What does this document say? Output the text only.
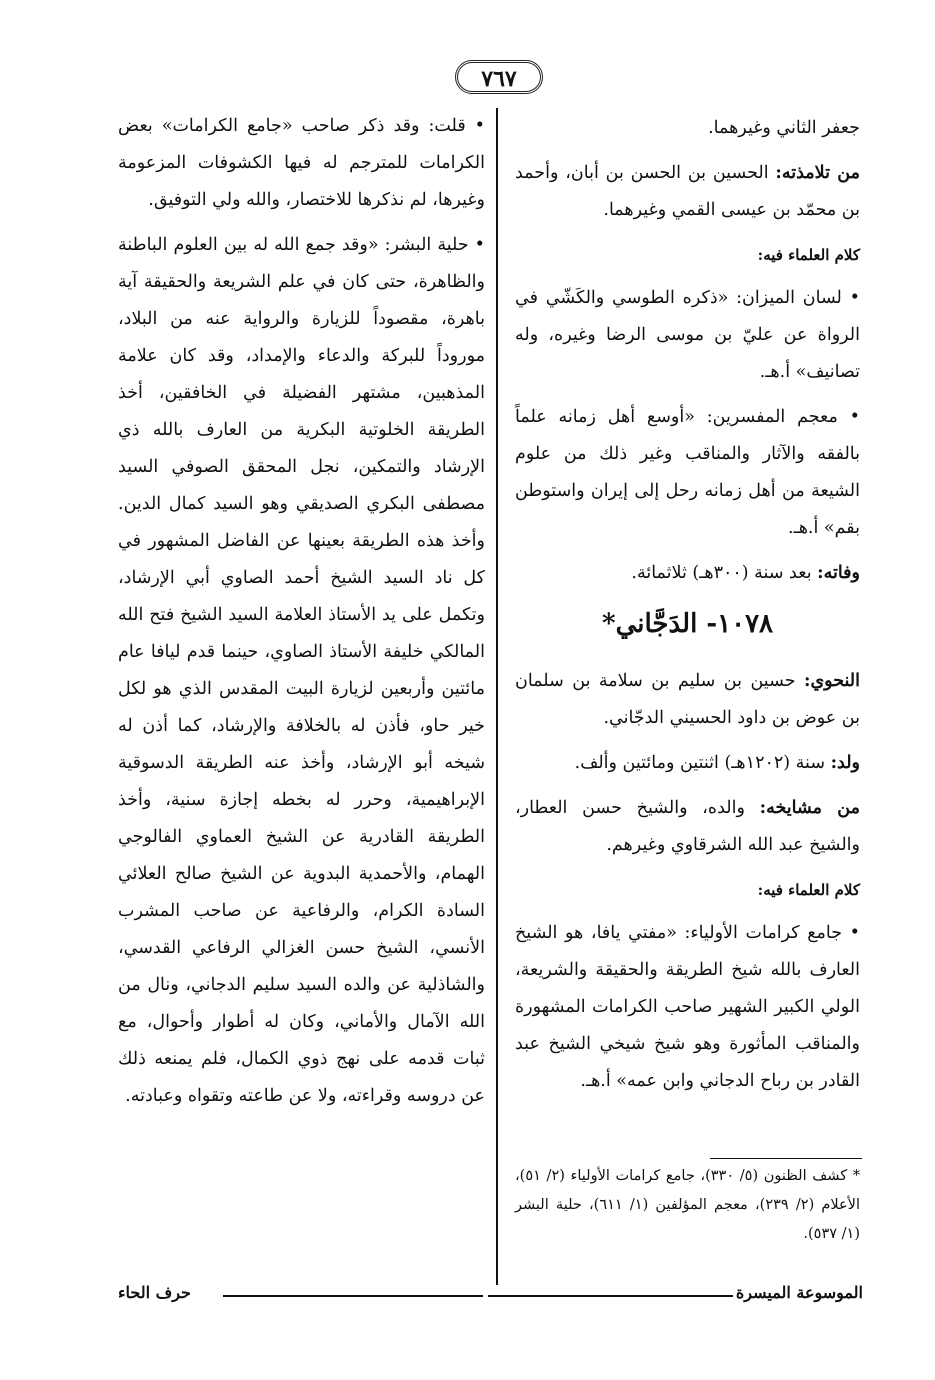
٧٦٧

جعفر الثاني وغيرهما.

من تلامذته: الحسين بن الحسن بن أبان، وأحمد بن محمّد بن عيسى القمي وغيرهما.

كلام العلماء فيه:

• لسان الميزان: «ذكره الطوسي والكَشّي في الرواة عن عليّ بن موسى الرضا وغيره، وله تصانيف» أ.هـ.

• معجم المفسرين: «أوسع أهل زمانه علماً بالفقه والآثار والمناقب وغير ذلك من علوم الشيعة من أهل زمانه رحل إلى إيران واستوطن بقم» أ.هـ.

وفاته: بعد سنة (٣٠٠هـ) ثلاثمائة.

١٠٧٨- الدَجَّاني*

النحوي: حسين بن سليم بن سلامة بن سلمان بن عوض بن داود الحسيني الدجّاني.

ولد: سنة (١٢٠٢هـ) اثنتين ومائتين وألف.

من مشايخه: والده، والشيخ حسن العطار، والشيخ عبد الله الشرقاوي وغيرهم.

كلام العلماء فيه:

• جامع كرامات الأولياء: «مفتي يافا، هو الشيخ العارف بالله شيخ الطريقة والحقيقة والشريعة، الولي الكبير الشهير صاحب الكرامات المشهورة والمناقب المأثورة وهو شيخ شيخي الشيخ عبد القادر بن رباح الدجاني وابن عمه» أ.هـ.

• قلت: وقد ذكر صاحب «جامع الكرامات» بعض الكرامات للمترجم له فيها الكشوفات المزعومة وغيرها، لم نذكرها للاختصار، والله ولي التوفيق.

• حلية البشر: «وقد جمع الله له بين العلوم الباطنة والظاهرة، حتى كان في علم الشريعة والحقيقة آية باهرة، مقصوداً للزيارة والرواية عنه من البلاد، موروداً للبركة والدعاء والإمداد، وقد كان علامة المذهبين، مشتهر الفضيلة في الخافقين، أخذ الطريقة الخلوتية البكرية من العارف بالله ذي الإرشاد والتمكين، نجل المحقق الصوفي السيد مصطفى البكري الصديقي وهو السيد كمال الدين. وأخذ هذه الطريقة بعينها عن الفاضل المشهور في كل ناد السيد الشيخ أحمد الصاوي أبي الإرشاد، وتكمل على يد الأستاذ العلامة السيد الشيخ فتح الله المالكي خليفة الأستاذ الصاوي، حينما قدم ليافا عام مائتين وأربعين لزيارة البيت المقدس الذي هو لكل خير حاو، فأذن له بالخلافة والإرشاد، كما أذن له شيخه أبو الإرشاد، وأخذ عنه الطريقة الدسوقية الإبراهيمية، وحرر له بخطه إجازة سنية، وأخذ الطريقة القادرية عن الشيخ العماوي الفالوجي الهمام، والأحمدية البدوية عن الشيخ صالح العلائي السادة الكرام، والرفاعية عن صاحب المشرب الأنسي، الشيخ حسن الغزالي الرفاعي القدسي، والشاذلية عن والده السيد سليم الدجاني، ونال من الله الآمال والأماني، وكان له أطوار وأحوال، مع ثبات قدمه على نهج ذوي الكمال، فلم يمنعه ذلك عن دروسه وقراءته، ولا عن طاعته وتقواه وعبادته.

* كشف الظنون (٥/ ٣٣٠)، جامع كرامات الأولياء (٢/ ٥١)، الأعلام (٢/ ٢٣٩)، معجم المؤلفين (١/ ٦١١)، حلية البشر (١/ ٥٣٧).
الموسوعة الميسرة
حرف الحاء
